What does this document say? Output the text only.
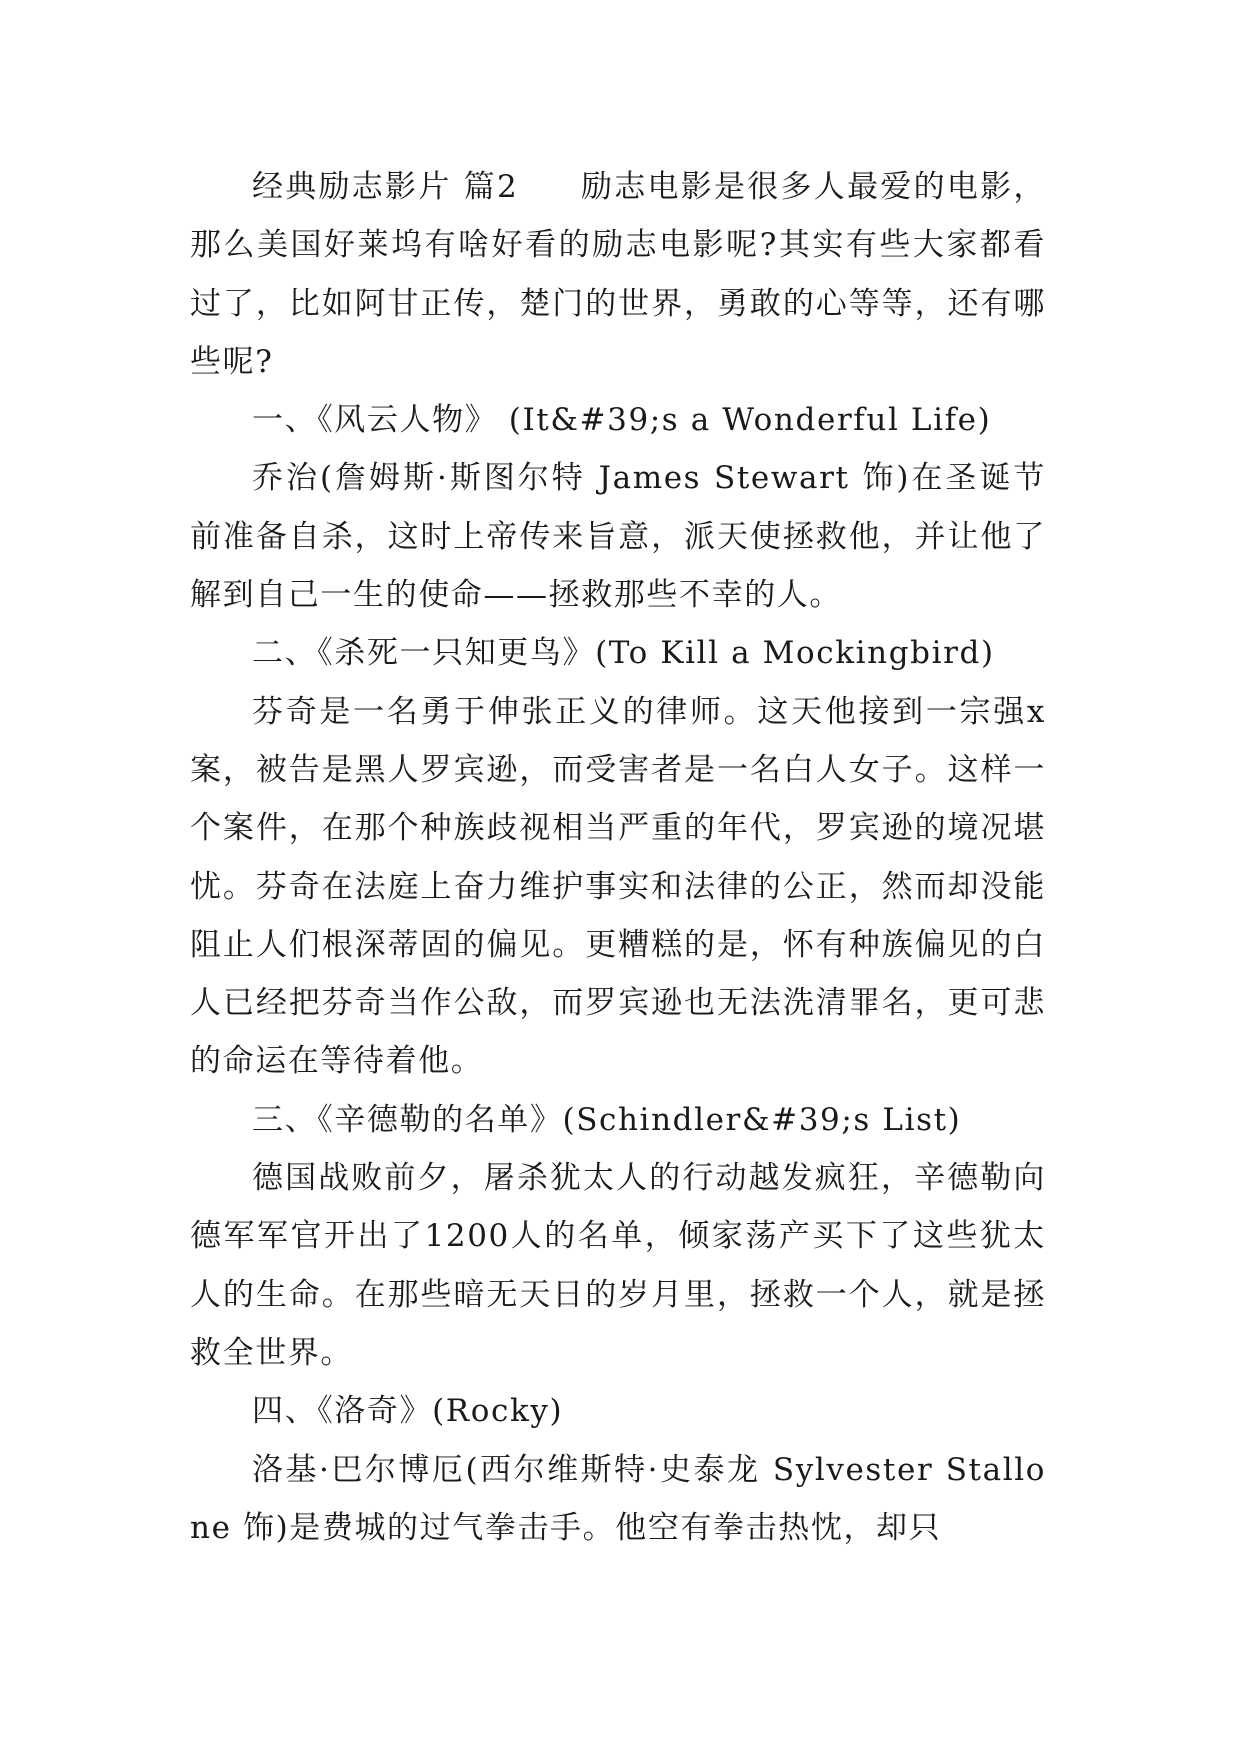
经典励志影片 篇2 励志电影是很多人最爱的电影，那么美国好莱坞有啥好看的励志电影呢?其实有些大家都看过了，比如阿甘正传，楚门的世界，勇敢的心等等，还有哪些呢?

一、《风云人物》 (It&#39;s a Wonderful Life)

乔治(詹姆斯·斯图尔特 James Stewart 饰)在圣诞节前准备自杀，这时上帝传来旨意，派天使拯救他，并让他了解到自己一生的使命——拯救那些不幸的人。

二、《杀死一只知更鸟》(To Kill a Mockingbird)

芬奇是一名勇于伸张正义的律师。这天他接到一宗强x案，被告是黑人罗宾逊，而受害者是一名白人女子。这样一个案件，在那个种族歧视相当严重的年代，罗宾逊的境况堪忧。芬奇在法庭上奋力维护事实和法律的公正，然而却没能阻止人们根深蒂固的偏见。更糟糕的是，怀有种族偏见的白人已经把芬奇当作公敌，而罗宾逊也无法洗清罪名，更可悲的命运在等待着他。

三、《辛德勒的名单》(Schindler&#39;s List)

德国战败前夕，屠杀犹太人的行动越发疯狂，辛德勒向德军军官开出了1200人的名单，倾家荡产买下了这些犹太人的生命。在那些暗无天日的岁月里，拯救一个人，就是拯救全世界。

四、《洛奇》(Rocky)

洛基·巴尔博厄(西尔维斯特·史泰龙 Sylvester Stallone 饰)是费城的过气拳击手。他空有拳击热忱，却只
